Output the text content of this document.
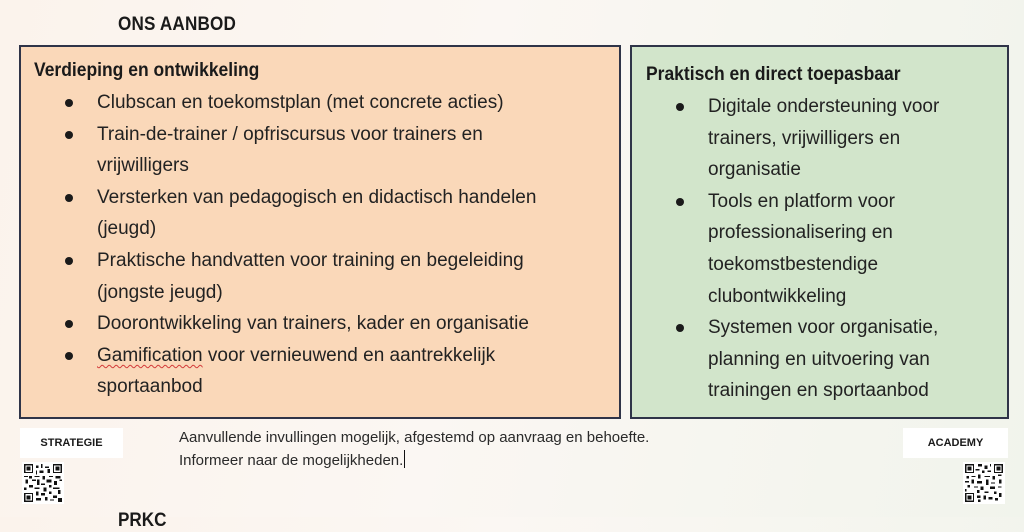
ONS AANBOD
Verdieping en ontwikkeling
Clubscan en toekomstplan (met concrete acties)
Train-de-trainer / opfriscursus voor trainers en vrijwilligers
Versterken van pedagogisch en didactisch handelen (jeugd)
Praktische handvatten voor training en begeleiding (jongste jeugd)
Doorontwikkeling van trainers, kader en organisatie
Gamification voor vernieuwend en aantrekkelijk sportaanbod
Praktisch en direct toepasbaar
Digitale ondersteuning voor trainers, vrijwilligers en organisatie
Tools en platform voor professionalisering en toekomstbestendige clubontwikkeling
Systemen voor organisatie, planning en uitvoering van trainingen en sportaanbod
STRATEGIE	ACADEMY
Aanvullende invullingen mogelijk, afgestemd op aanvraag en behoefte.
Informeer naar de mogelijkheden.
PRKC
